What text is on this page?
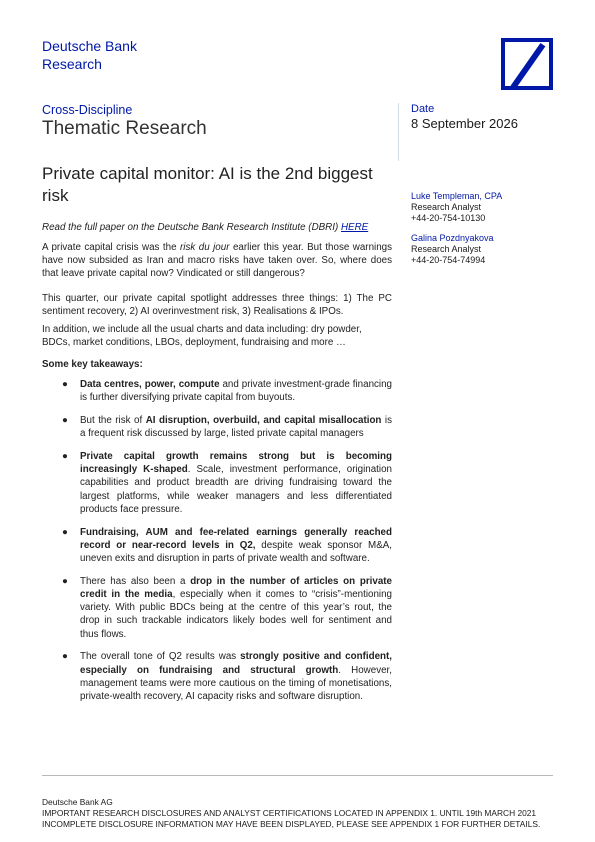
Deutsche Bank
Research
Cross-Discipline
Thematic Research
Date
8 September 2026
Private capital monitor: AI is the 2nd biggest risk	Luke Templeman, CPA
Research Analyst
+44-20-754-10130
Galina Pozdnyakova
Research Analyst
+44-20-754-74994
Read the full paper on the Deutsche Bank Research Institute (DBRI) HERE
A private capital crisis was the risk du jour earlier this year. But those warnings have now subsided as Iran and macro risks have taken over. So, where does that leave private capital now? Vindicated or still dangerous?
This quarter, our private capital spotlight addresses three things: 1) The PC sentiment recovery, 2) AI overinvestment risk, 3) Realisations & IPOs.
In addition, we include all the usual charts and data including: dry powder, BDCs, market conditions, LBOs, deployment, fundraising and more …
Some key takeaways:
● Data centres, power, compute and private investment-grade financing is further diversifying private capital from buyouts.
● But the risk of AI disruption, overbuild, and capital misallocation is a frequent risk discussed by large, listed private capital managers
● Private capital growth remains strong but is becoming increasingly K-shaped. Scale, investment performance, origination capabilities and product breadth are driving fundraising toward the largest platforms, while weaker managers and less differentiated products face pressure.
● Fundraising, AUM and fee-related earnings generally reached record or near-record levels in Q2, despite weak sponsor M&A, uneven exits and disruption in parts of private wealth and software.
● There has also been a drop in the number of articles on private credit in the media, especially when it comes to “crisis”-mentioning variety. With public BDCs being at the centre of this year’s rout, the drop in such trackable indicators likely bodes well for sentiment and thus flows.
● The overall tone of Q2 results was strongly positive and confident, especially on fundraising and structural growth. However, management teams were more cautious on the timing of monetisations, private-wealth recovery, AI capacity risks and software disruption.
Deutsche Bank AG
IMPORTANT RESEARCH DISCLOSURES AND ANALYST CERTIFICATIONS LOCATED IN APPENDIX 1. UNTIL 19th MARCH 2021
INCOMPLETE DISCLOSURE INFORMATION MAY HAVE BEEN DISPLAYED, PLEASE SEE APPENDIX 1 FOR FURTHER DETAILS.
